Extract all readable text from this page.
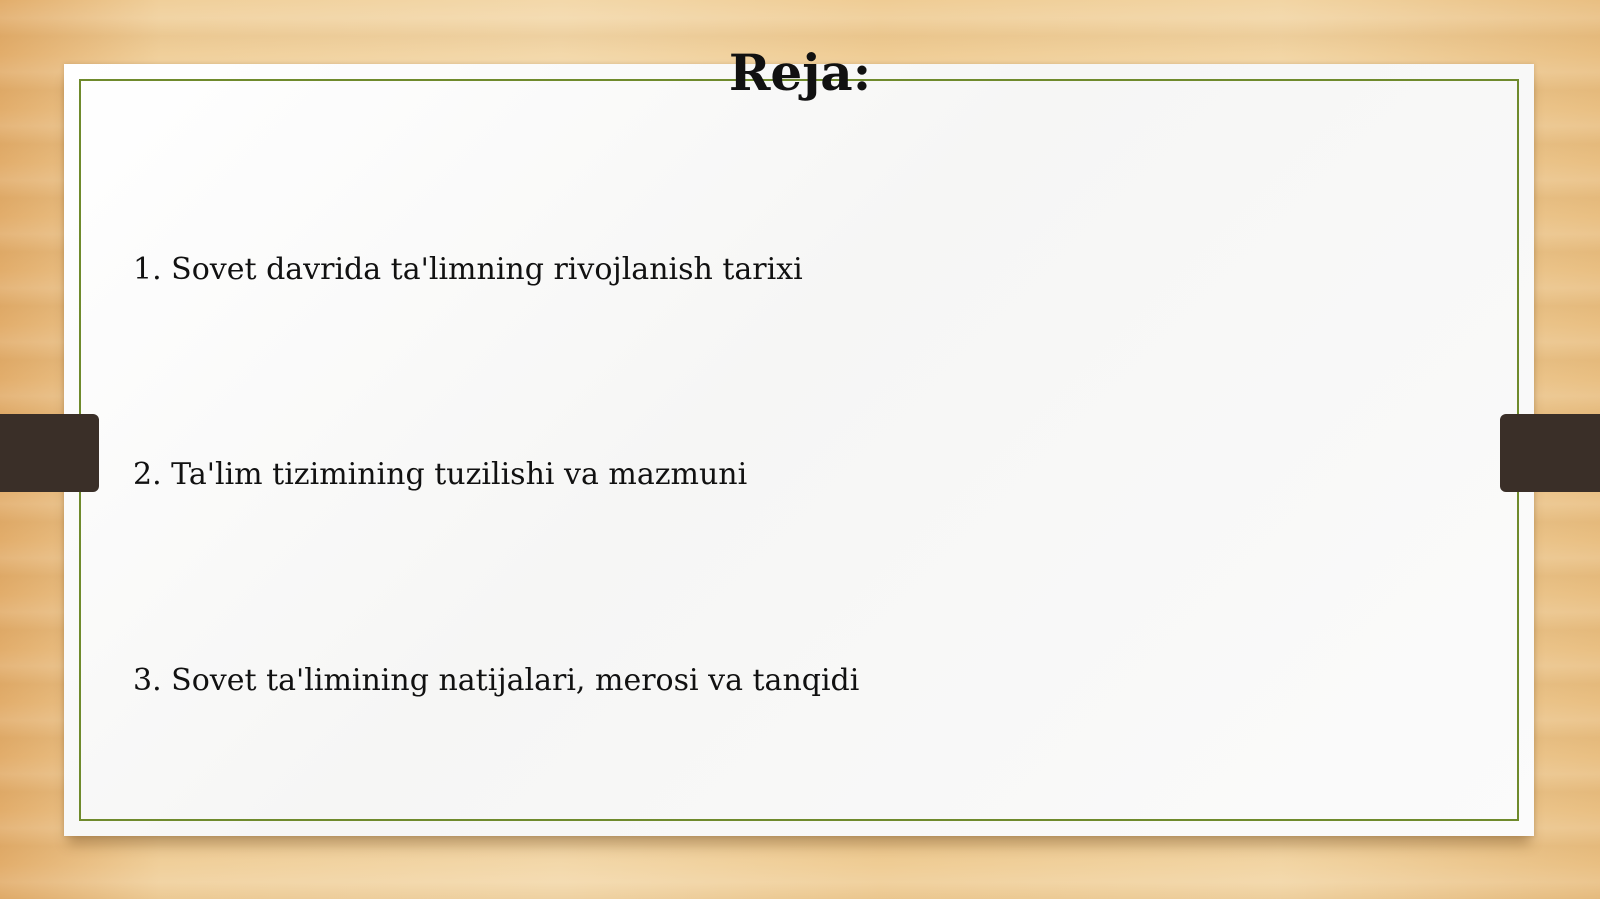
Reja:
1. Sovet davrida ta'limning rivojlanish tarixi
2. Ta'lim tizimining tuzilishi va mazmuni
3. Sovet ta'limining natijalari, merosi va tanqidi
